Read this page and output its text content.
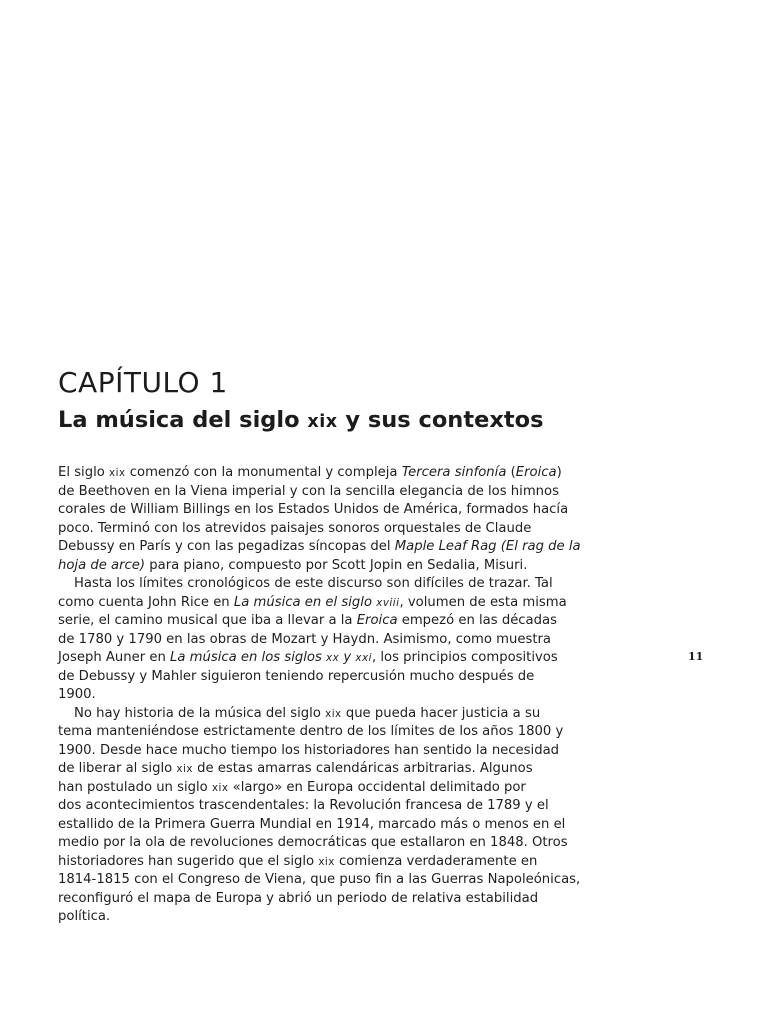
CAPÍTULO 1
La música del siglo xix y sus contextos

El siglo xix comenzó con la monumental y compleja Tercera sinfonía (Eroica)
de Beethoven en la Viena imperial y con la sencilla elegancia de los himnos
corales de William Billings en los Estados Unidos de América, formados hacía
poco. Terminó con los atrevidos paisajes sonoros orquestales de Claude
Debussy en París y con las pegadizas síncopas del Maple Leaf Rag (El rag de la
hoja de arce) para piano, compuesto por Scott Jopin en Sedalia, Misuri.

Hasta los límites cronológicos de este discurso son difíciles de trazar. Tal
como cuenta John Rice en La música en el siglo xviii, volumen de esta misma
serie, el camino musical que iba a llevar a la Eroica empezó en las décadas
de 1780 y 1790 en las obras de Mozart y Haydn. Asimismo, como muestra
Joseph Auner en La música en los siglos xx y xxi, los principios compositivos
de Debussy y Mahler siguieron teniendo repercusión mucho después de
1900.

No hay historia de la música del siglo xix que pueda hacer justicia a su
tema manteniéndose estrictamente dentro de los límites de los años 1800 y
1900. Desde hace mucho tiempo los historiadores han sentido la necesidad
de liberar al siglo xix de estas amarras calendáricas arbitrarias. Algunos
han postulado un siglo xix «largo» en Europa occidental delimitado por
dos acontecimientos trascendentales: la Revolución francesa de 1789 y el
estallido de la Primera Guerra Mundial en 1914, marcado más o menos en el
medio por la ola de revoluciones democráticas que estallaron en 1848. Otros
historiadores han sugerido que el siglo xix comienza verdaderamente en
1814-1815 con el Congreso de Viena, que puso fin a las Guerras Napoleónicas,
reconfiguró el mapa de Europa y abrió un periodo de relativa estabilidad
política.

11
